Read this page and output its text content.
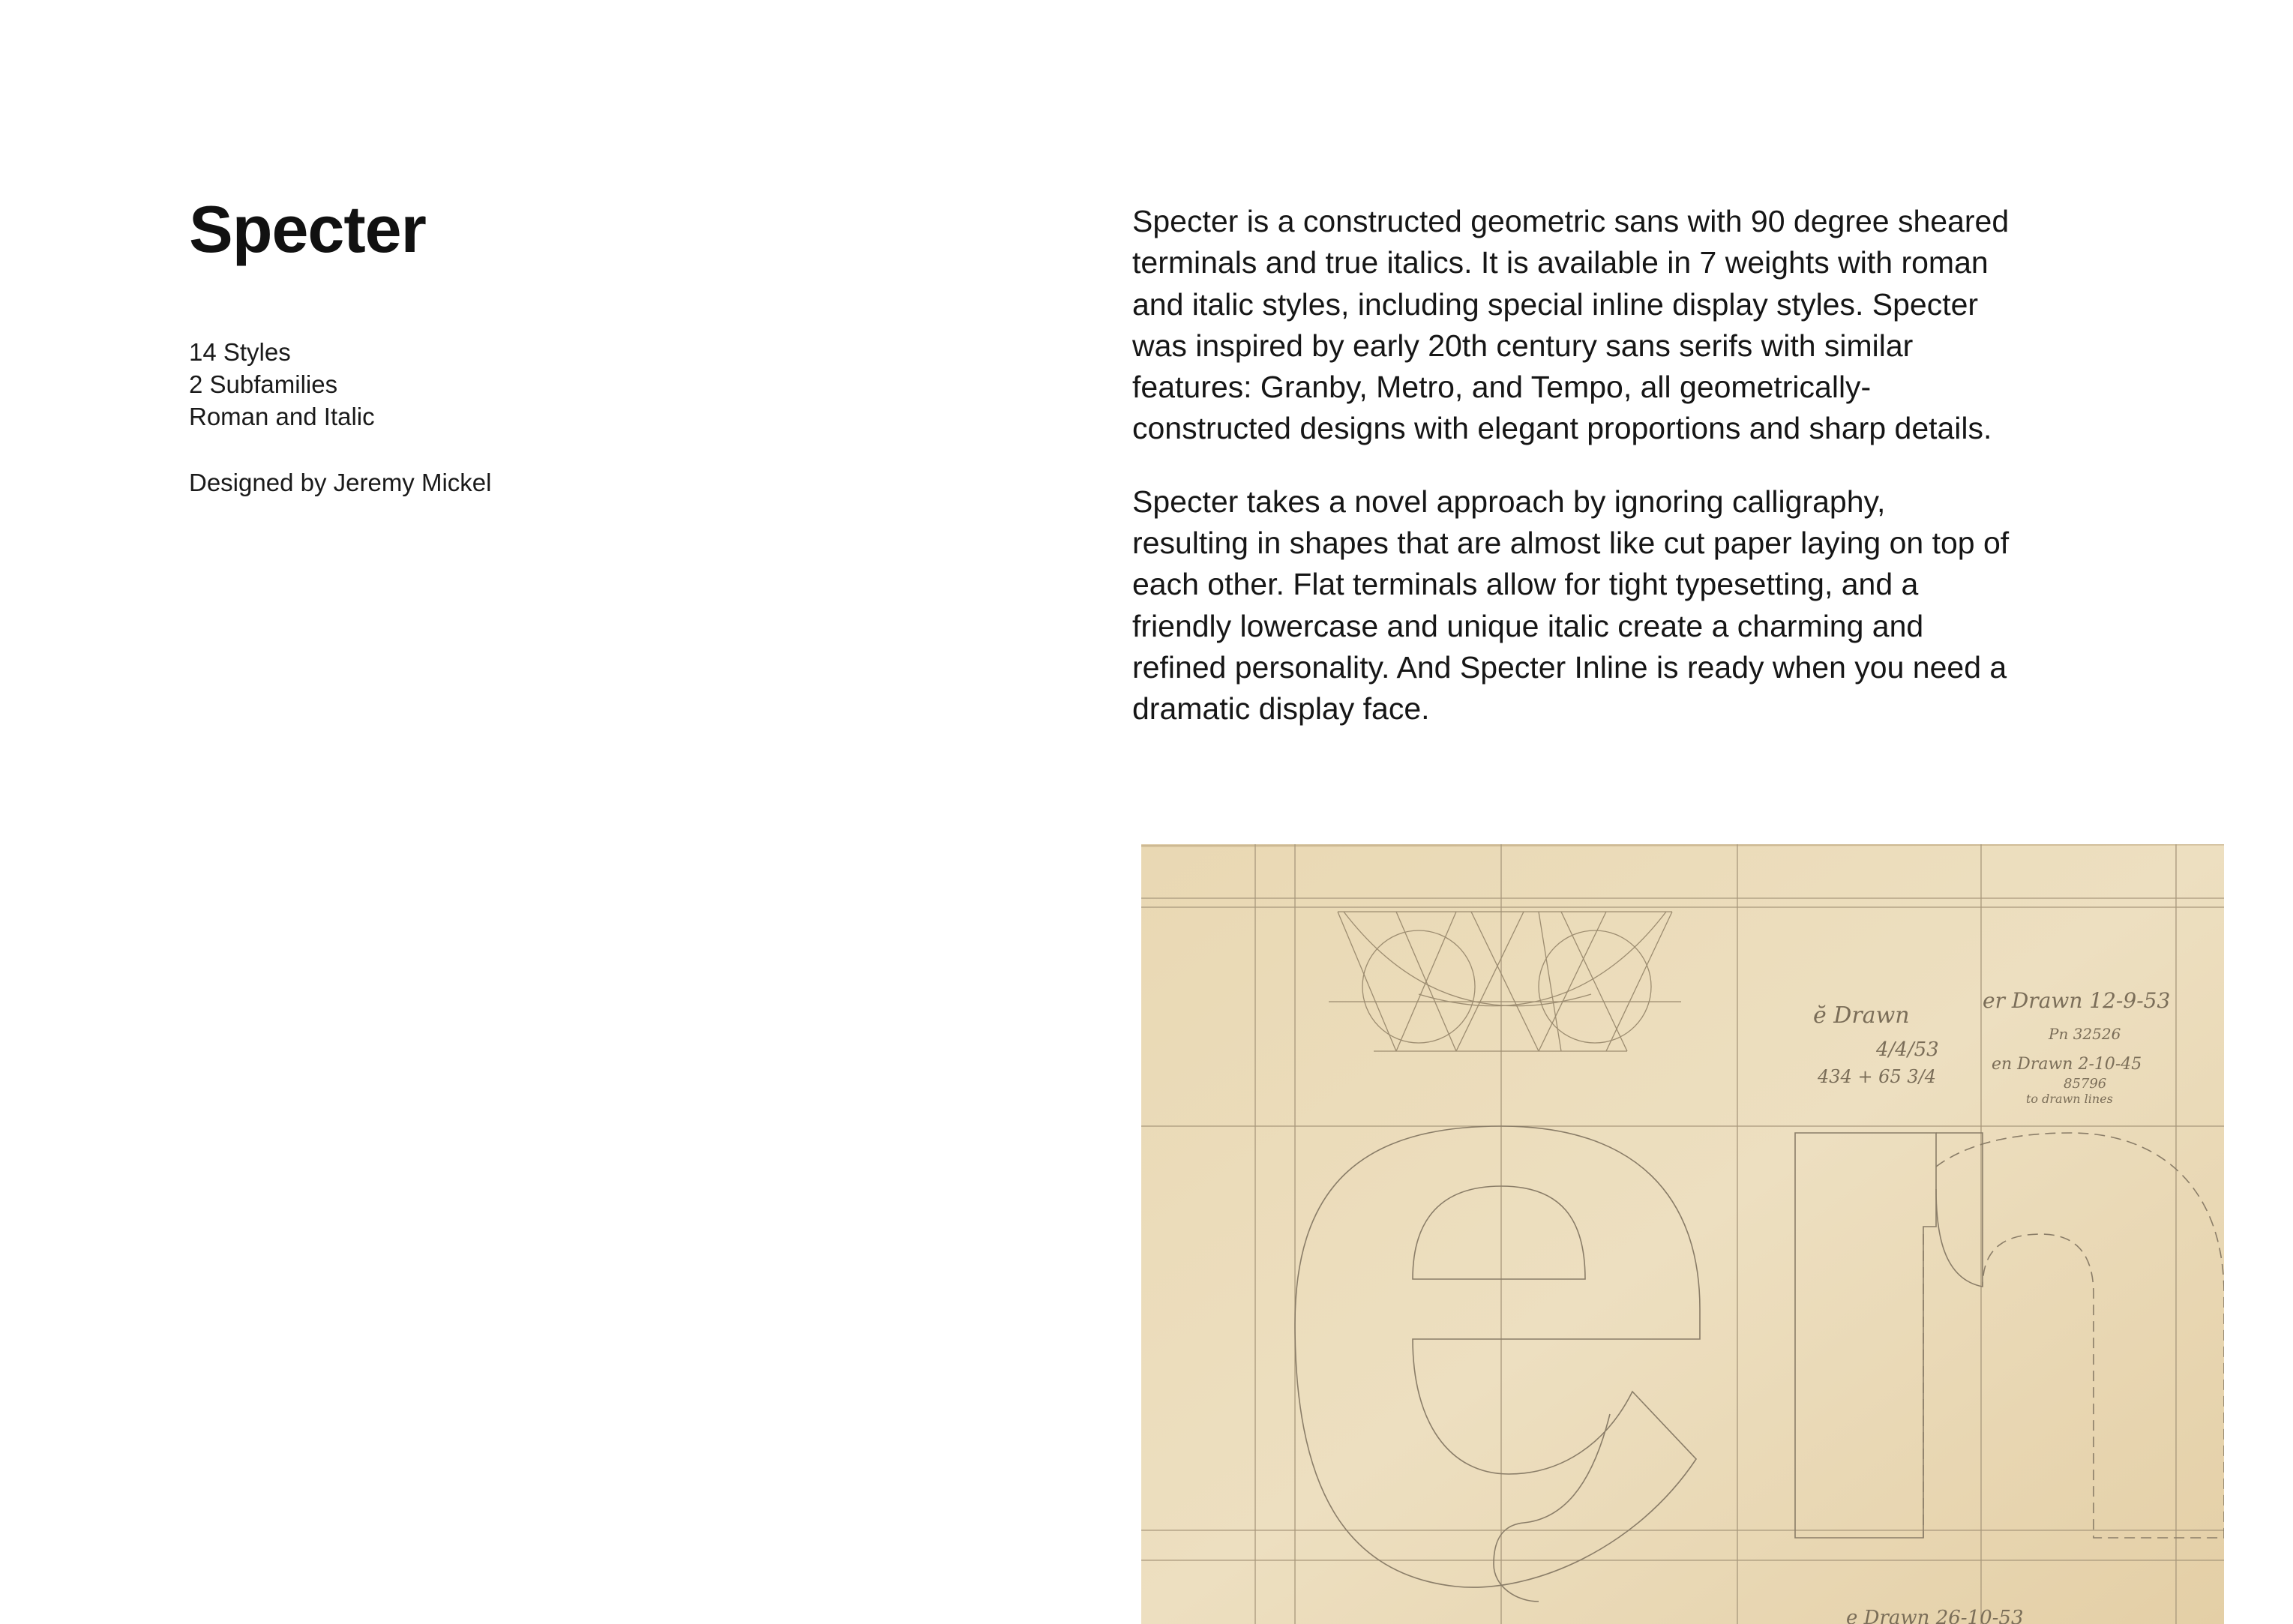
Specter
14 Styles
2 Subfamilies
Roman and Italic
Designed by Jeremy Mickel

Specter is a constructed geometric sans with 90 degree sheared terminals and true italics. It is available in 7 weights with roman and italic styles, including special inline display styles. Specter was inspired by early 20th century sans serifs with similar features: Granby, Metro, and Tempo, all geometrically-constructed designs with elegant proportions and sharp details.

Specter takes a novel approach by ignoring calligraphy, resulting in shapes that are almost like cut paper laying on top of each other. Flat terminals allow for tight typesetting, and a friendly lowercase and unique italic create a charming and refined personality. And Specter Inline is ready when you need a dramatic display face.

ĕ Drawn
4/4/53
434 + 65 3/4
er Drawn 12-9-53
Pn 32526
en Drawn 2-10-45
85796
to drawn lines
e Drawn 26-10-53
